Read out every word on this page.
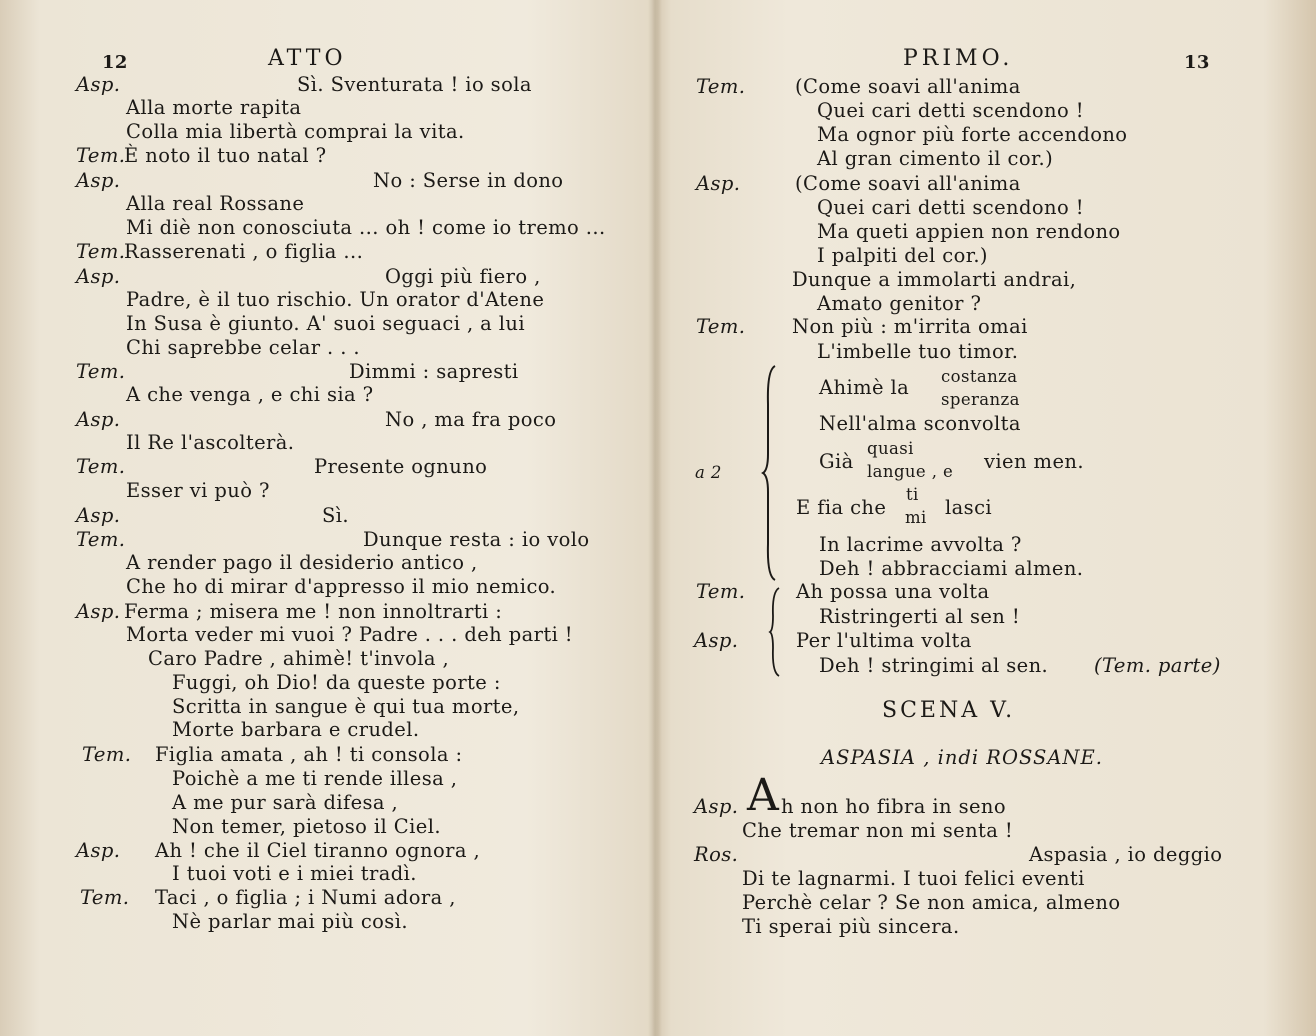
12	ATTO
Asp.	Sì. Sventurata ! io sola
Alla morte rapita
Colla mia libertà comprai la vita.
Tem.
È noto il tuo natal ?
Asp.	No : Serse in dono
Alla real Rossane
Mi diè non conosciuta ... oh ! come io tremo ...
Tem.
Rasserenati , o figlia ...
Asp.	Oggi più fiero ,
Padre, è il tuo rischio. Un orator d'Atene
In Susa è giunto. A' suoi seguaci , a lui
Chi saprebbe celar . . .
Tem.	Dimmi : sapresti
A che venga , e chi sia ?
Asp.	No , ma fra poco
Il Re l'ascolterà.
Tem.	Presente ognuno
Esser vi può ?
Asp.	Sì.
Tem.	Dunque resta : io volo
A render pago il desiderio antico ,
Che ho di mirar d'appresso il mio nemico.
Asp. Ferma ; misera me ! non innoltrarti :
Morta veder mi vuoi ? Padre . . . deh parti !
Caro Padre , ahimè! t'invola ,
Fuggi, oh Dio! da queste porte :
Scritta in sangue è qui tua morte,
Morte barbara e crudel.
Tem. Figlia amata , ah ! ti consola :
Poichè a me ti rende illesa ,
A me pur sarà difesa ,
Non temer, pietoso il Ciel.
Asp. Ah ! che il Ciel tiranno ognora ,
I tuoi voti e i miei tradì.
Tem. Taci , o figlia ; i Numi adora ,
Nè parlar mai più così.
PRIMO.	13
Tem.	(Come soavi all'anima
Quei cari detti scendono !
Ma ognor più forte accendono
Al gran cimento il cor.)
Asp.	(Come soavi all'anima
Quei cari detti scendono !
Ma queti appien non rendono
I palpiti del cor.)
Dunque a immolarti andrai,
Amato genitor ?
Tem. Non più : m'irrita omai
L'imbelle tuo timor.
a 2
Ahimè la costanza
speranza
Nell'alma sconvolta
Già
quasi
langue , e vien men.
E fia che
ti
mi lasci
In lacrime avvolta ?
Deh ! abbracciami almen.
Tem.	Ah possa una volta
Ristringerti al sen !
Asp.	Per l'ultima volta
Deh ! stringimi al sen. (Tem. parte)
SCENA V.
ASPASIA , indi ROSSANE.
Asp. A h non ho fibra in seno
Che tremar non mi senta !
Ros.	Aspasia , io deggio
Di te lagnarmi. I tuoi felici eventi
Perchè celar ? Se non amica, almeno
Ti sperai più sincera.
